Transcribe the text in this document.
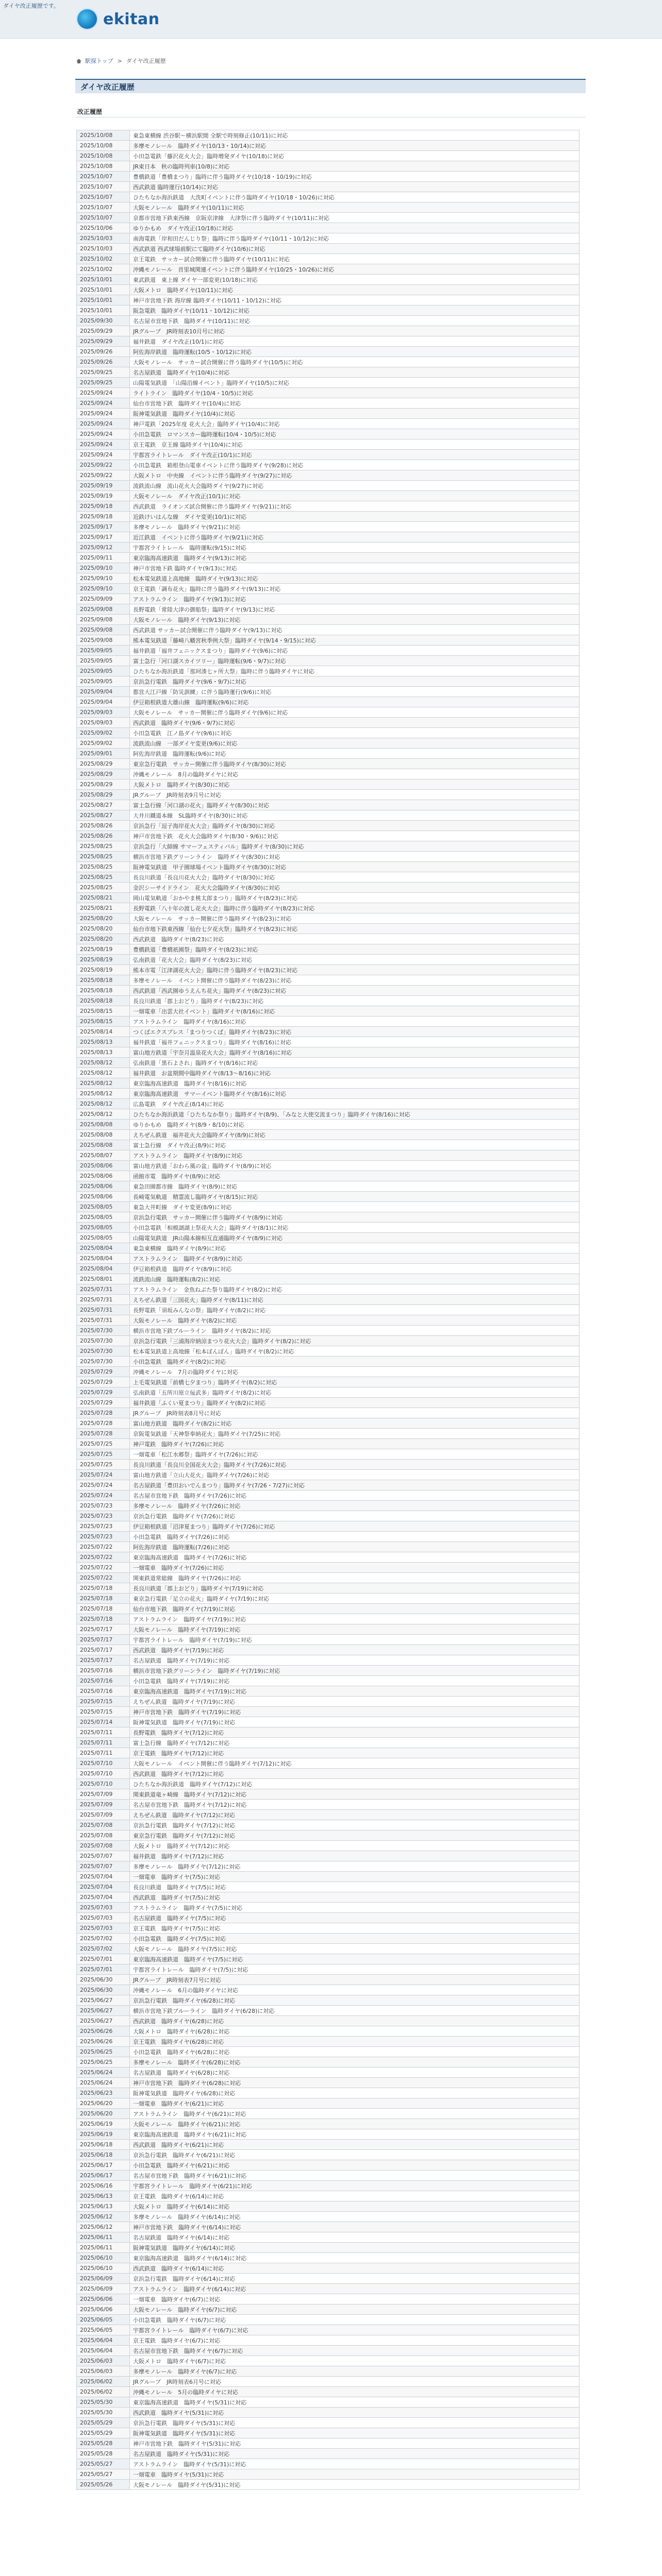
ダイヤ改正履歴です。
ekitan
駅探トップ > ダイヤ改正履歴
ダイヤ改正履歴
改正履歴
2025/10/08	東急東横線 渋谷駅〜横浜駅間 全駅で時刻修正(10/11)に対応
2025/10/08	多摩モノレール　臨時ダイヤ(10/13・10/14)に対応
2025/10/08	小田急電鉄「藤沢花火大会」臨時増発ダイヤ(10/18)に対応
2025/10/08	JR東日本　秋の臨時列車(10/8)に対応
2025/10/07	豊橋鉄道「豊橋まつり」臨時に伴う臨時ダイヤ(10/18・10/19)に対応
2025/10/07	西武鉄道 臨時運行(10/14)に対応
2025/10/07	ひたちなか海浜鉄道　大洗町イベントに伴う臨時ダイヤ(10/18・10/26)に対応
2025/10/07	大阪モノレール　臨時ダイヤ(10/11)に対応
2025/10/07	京都市営地下鉄東西線　京阪京津線　大津祭に伴う臨時ダイヤ(10/11)に対応
2025/10/06	ゆりかもめ　ダイヤ改正(10/18)に対応
2025/10/03	南海電鉄「岸和田だんじり祭」臨時に伴う臨時ダイヤ(10/11・10/12)に対応
2025/10/03	西武鉄道 西武球場前駅にて臨時ダイヤ(10/6)に対応
2025/10/02	京王電鉄　サッカー試合開催に伴う臨時ダイヤ(10/11)に対応
2025/10/02	沖縄モノレール　首里城関連イベントに伴う臨時ダイヤ(10/25・10/26)に対応
2025/10/01	東武鉄道　東上線 ダイヤ一部変更(10/18)に対応
2025/10/01	大阪メトロ　臨時ダイヤ(10/11)に対応
2025/10/01	神戸市営地下鉄 海岸線 臨時ダイヤ(10/11・10/12)に対応
2025/10/01	阪急電鉄　臨時ダイヤ(10/11・10/12)に対応
2025/09/30	名古屋市営地下鉄　臨時ダイヤ(10/11)に対応
2025/09/29	JRグループ　JR時刻表10月号に対応
2025/09/29	福井鉄道　ダイヤ改正(10/1)に対応
2025/09/26	阿佐海岸鉄道　臨時運転(10/5・10/12)に対応
2025/09/26	大阪モノレール　サッカー試合開催に伴う臨時ダイヤ(10/5)に対応
2025/09/25	名古屋鉄道　臨時ダイヤ(10/4)に対応
2025/09/25	山陽電気鉄道　「山陽沿線イベント」臨時ダイヤ(10/5)に対応
2025/09/24	ライトライン　臨時ダイヤ(10/4・10/5)に対応
2025/09/24	仙台市営地下鉄　臨時ダイヤ(10/4)に対応
2025/09/24	阪神電気鉄道　臨時ダイヤ(10/4)に対応
2025/09/24	神戸電鉄「2025年度 花火大会」臨時ダイヤ(10/4)に対応
2025/09/24	小田急電鉄　ロマンスカー臨時運転(10/4・10/5)に対応
2025/09/24	京王電鉄　京王線 臨時ダイヤ(10/4)に対応
2025/09/24	宇都宮ライトレール　ダイヤ改正(10/1)に対応
2025/09/22	小田急電鉄　箱根登山電車イベントに伴う臨時ダイヤ(9/28)に対応
2025/09/22	大阪メトロ　中央線　イベントに伴う臨時ダイヤ(9/27)に対応
2025/09/19	流鉄流山線　流山花火大会臨時ダイヤ(9/27)に対応
2025/09/19	大阪モノレール　ダイヤ改正(10/1)に対応
2025/09/18	西武鉄道　ライオンズ試合開催に伴う臨時ダイヤ(9/21)に対応
2025/09/18	近鉄けいはんな線　ダイヤ変更(10/1)に対応
2025/09/17	多摩モノレール　臨時ダイヤ(9/21)に対応
2025/09/17	近江鉄道　イベントに伴う臨時ダイヤ(9/21)に対応
2025/09/12	宇都宮ライトレール　臨時運転(9/15)に対応
2025/09/11	東京臨海高速鉄道　臨時ダイヤ(9/13)に対応
2025/09/10	神戸市営地下鉄 臨時ダイヤ(9/13)に対応
2025/09/10	松本電気鉄道上高地線　臨時ダイヤ(9/13)に対応
2025/09/10	京王電鉄「調布花火」臨時に伴う臨時ダイヤ(9/13)に対応
2025/09/09	アストラムライン　臨時ダイヤ(9/13)に対応
2025/09/08	長野電鉄「常陸大津の御船祭」臨時ダイヤ(9/13)に対応
2025/09/08	大阪モノレール　臨時ダイヤ(9/13)に対応
2025/09/08	西武鉄道 サッカー試合開催に伴う臨時ダイヤ(9/13)に対応
2025/09/08	熊本電気鉄道「藤崎八幡宮秋季例大祭」臨時ダイヤ(9/14・9/15)に対応
2025/09/05	福井鉄道「福井フェニックスまつり」臨時ダイヤ(9/6)に対応
2025/09/05	富士急行「河口湖スカイツリー」臨時運転(9/6・9/7)に対応
2025/09/05	ひたちなか海浜鉄道「那珂湊七ヶ所大祭」臨時に伴う臨時ダイヤに対応
2025/09/05	京浜急行電鉄　臨時ダイヤ(9/6・9/7)に対応
2025/09/04	都営大江戸線「防災訓練」に伴う臨時運行(9/6)に対応
2025/09/04	伊豆箱根鉄道大雄山線　臨時運転(9/6)に対応
2025/09/03	大阪モノレール　サッカー開催に伴う臨時ダイヤ(9/6)に対応
2025/09/03	西武鉄道　臨時ダイヤ(9/6・9/7)に対応
2025/09/02	小田急電鉄　江ノ島ダイヤ(9/6)に対応
2025/09/02	流鉄流山線　一部ダイヤ変更(9/6)に対応
2025/09/01	阿佐海岸鉄道　臨時運転(9/6)に対応
2025/08/29	東京急行電鉄　サッカー開催に伴う臨時ダイヤ(8/30)に対応
2025/08/29	沖縄モノレール　8月の臨時ダイヤに対応
2025/08/29	大阪メトロ　臨時ダイヤ(8/30)に対応
2025/08/29	JRグループ　JR時刻表9月号に対応
2025/08/27	富士急行線「河口湖の花火」臨時ダイヤ(8/30)に対応
2025/08/27	大井川鐵道本線　SL臨時ダイヤ(8/30)に対応
2025/08/26	京浜急行「逗子海岸花火大会」臨時ダイヤ(8/30)に対応
2025/08/26	神戸市営地下鉄　花火大会臨時ダイヤ(8/30・9/6)に対応
2025/08/25	京浜急行「大師線 サマーフェスティバル」臨時ダイヤ(8/30)に対応
2025/08/25	横浜市営地下鉄グリーンライン　臨時ダイヤ(8/30)に対応
2025/08/25	阪神電気鉄道　甲子園球場イベント臨時ダイヤ(8/30)に対応
2025/08/25	長良川鉄道「長良川花火大会」臨時ダイヤ(8/30)に対応
2025/08/25	金沢シーサイドライン　花火大会臨時ダイヤ(8/30)に対応
2025/08/21	岡山電気軌道「おかやま桃太郎まつり」臨時ダイヤ(8/23)に対応
2025/08/21	長野電鉄「八十年の渡し花火大会」臨時に伴う臨時ダイヤ(8/23)に対応
2025/08/20	大阪モノレール　サッカー開催に伴う臨時ダイヤ(8/23)に対応
2025/08/20	仙台市地下鉄東西線「仙台七夕花火祭」臨時ダイヤ(8/23)に対応
2025/08/20	西武鉄道　臨時ダイヤ(8/23)に対応
2025/08/19	豊橋鉄道「豊橋祇園祭」臨時ダイヤ(8/23)に対応
2025/08/19	弘南鉄道「花火大会」臨時ダイヤ(8/23)に対応
2025/08/19	熊本市電「江津湖花火大会」臨時に伴う臨時ダイヤ(8/23)に対応
2025/08/18	多摩モノレール　イベント開催に伴う臨時ダイヤ(8/23)に対応
2025/08/18	西武鉄道「西武園ゆうえんち花火」臨時ダイヤ(8/23)に対応
2025/08/18	長良川鉄道「郡上おどり」臨時ダイヤ(8/23)に対応
2025/08/15	一畑電車「出雲大社イベント」臨時ダイヤ(8/16)に対応
2025/08/15	アストラムライン　臨時ダイヤ(8/16)に対応
2025/08/14	つくばエクスプレス「まつりつくば」臨時ダイヤ(8/23)に対応
2025/08/13	福井鉄道「福井フェニックスまつり」臨時ダイヤ(8/16)に対応
2025/08/13	富山地方鉄道「宇奈月温泉花火大会」臨時ダイヤ(8/16)に対応
2025/08/12	弘南鉄道「黒石よされ」臨時ダイヤ(8/16)に対応
2025/08/12	福井鉄道　お盆期間中臨時ダイヤ(8/13〜8/16)に対応
2025/08/12	東京臨海高速鉄道　臨時ダイヤ(8/16)に対応
2025/08/12	東京臨海高速鉄道　サマーイベント臨時ダイヤ(8/16)に対応
2025/08/12	広島電鉄　ダイヤ改正(8/14)に対応
2025/08/12	ひたちなか海浜鉄道「ひたちなか祭り」臨時ダイヤ(8/9)、「みなと大使交流まつり」臨時ダイヤ(8/16)に対応
2025/08/08	ゆりかもめ　臨時ダイヤ(8/9・8/10)に対応
2025/08/08	えちぜん鉄道　福井花火大会臨時ダイヤ(8/9)に対応
2025/08/08	富士急行線　ダイヤ改正(8/9)に対応
2025/08/07	アストラムライン　臨時ダイヤ(8/9)に対応
2025/08/06	富山地方鉄道「おわら風の盆」臨時ダイヤ(8/9)に対応
2025/08/06	函館市電　臨時ダイヤ(8/9)に対応
2025/08/06	東急田園都市線　臨時ダイヤ(8/9)に対応
2025/08/06	長崎電気軌道　精霊流し臨時ダイヤ(8/15)に対応
2025/08/05	東急大井町線　ダイヤ変更(8/9)に対応
2025/08/05	京浜急行電鉄　サッカー開催に伴う臨時ダイヤ(8/9)に対応
2025/08/05	小田急電鉄「相模湖湖上祭花火大会」臨時ダイヤ(8/1)に対応
2025/08/05	山陽電気鉄道　JR山陽本線相互直通臨時ダイヤ(8/9)に対応
2025/08/04	東急東横線　臨時ダイヤ(8/9)に対応
2025/08/04	アストラムライン　臨時ダイヤ(8/9)に対応
2025/08/04	伊豆箱根鉄道　臨時ダイヤ(8/9)に対応
2025/08/01	流鉄流山線　臨時運転(8/2)に対応
2025/07/31	アストラムライン　金魚ねぶた祭り臨時ダイヤ(8/2)に対応
2025/07/31	えちぜん鉄道「三国花火」臨時ダイヤ(8/11)に対応
2025/07/31	長野電鉄「須坂みんなの祭」臨時ダイヤ(8/2)に対応
2025/07/31	大阪モノレール　臨時ダイヤ(8/2)に対応
2025/07/30	横浜市営地下鉄ブルーライン　臨時ダイヤ(8/2)に対応
2025/07/30	京浜急行電鉄「三浦海岸納涼まつり花火大会」臨時ダイヤ(8/2)に対応
2025/07/30	松本電気鉄道上高地線「松本ぼんぼん」臨時ダイヤ(8/2)に対応
2025/07/30	小田急電鉄　臨時ダイヤ(8/2)に対応
2025/07/29	沖縄モノレール　7月の臨時ダイヤに対応
2025/07/29	上毛電気鉄道「前橋七夕まつり」臨時ダイヤ(8/2)に対応
2025/07/29	弘南鉄道「五所川原立佞武多」臨時ダイヤ(8/2)に対応
2025/07/29	福井鉄道「ふくい夏まつり」臨時ダイヤ(8/2)に対応
2025/07/28	JRグループ　JR時刻表8月号に対応
2025/07/28	富山地方鉄道　臨時ダイヤ(8/2)に対応
2025/07/28	京阪電気鉄道「天神祭奉納花火」臨時ダイヤ(7/25)に対応
2025/07/25	神戸電鉄　臨時ダイヤ(7/26)に対応
2025/07/25	一畑電車「松江水郷祭」臨時ダイヤ(7/26)に対応
2025/07/25	長良川鉄道「長良川全国花火大会」臨時ダイヤ(7/26)に対応
2025/07/24	富山地方鉄道「立山大花火」臨時ダイヤ(7/26)に対応
2025/07/24	名古屋鉄道「豊田おいでんまつり」臨時ダイヤ(7/26・7/27)に対応
2025/07/24	名古屋市営地下鉄　臨時ダイヤ(7/26)に対応
2025/07/23	多摩モノレール　臨時ダイヤ(7/26)に対応
2025/07/23	京浜急行電鉄　臨時ダイヤ(7/26)に対応
2025/07/23	伊豆箱根鉄道「沼津夏まつり」臨時ダイヤ(7/26)に対応
2025/07/23	小田急電鉄　臨時ダイヤ(7/26)に対応
2025/07/22	阿佐海岸鉄道　臨時運転(7/26)に対応
2025/07/22	東京臨海高速鉄道　臨時ダイヤ(7/26)に対応
2025/07/22	一畑電車　臨時ダイヤ(7/26)に対応
2025/07/22	関東鉄道常総線　臨時ダイヤ(7/26)に対応
2025/07/18	長良川鉄道「郡上おどり」臨時ダイヤ(7/19)に対応
2025/07/18	東京急行電鉄「足立の花火」臨時ダイヤ(7/19)に対応
2025/07/18	仙台市地下鉄　臨時ダイヤ(7/19)に対応
2025/07/18	アストラムライン　臨時ダイヤ(7/19)に対応
2025/07/17	大阪モノレール　臨時ダイヤ(7/19)に対応
2025/07/17	宇都宮ライトレール　臨時ダイヤ(7/19)に対応
2025/07/17	西武鉄道　臨時ダイヤ(7/19)に対応
2025/07/17	名古屋鉄道　臨時ダイヤ(7/19)に対応
2025/07/16	横浜市営地下鉄グリーンライン　臨時ダイヤ(7/19)に対応
2025/07/16	小田急電鉄　臨時ダイヤ(7/19)に対応
2025/07/16	東京臨海高速鉄道　臨時ダイヤ(7/19)に対応
2025/07/15	えちぜん鉄道　臨時ダイヤ(7/19)に対応
2025/07/15	神戸市営地下鉄　臨時ダイヤ(7/19)に対応
2025/07/14	阪神電気鉄道　臨時ダイヤ(7/19)に対応
2025/07/11	長野電鉄　臨時ダイヤ(7/12)に対応
2025/07/11	富士急行線　臨時ダイヤ(7/12)に対応
2025/07/11	京王電鉄　臨時ダイヤ(7/12)に対応
2025/07/10	大阪モノレール　イベント開催に伴う臨時ダイヤ(7/12)に対応
2025/07/10	西武鉄道　臨時ダイヤ(7/12)に対応
2025/07/10	ひたちなか海浜鉄道　臨時ダイヤ(7/12)に対応
2025/07/09	関東鉄道竜ヶ崎線　臨時ダイヤ(7/12)に対応
2025/07/09	名古屋市営地下鉄　臨時ダイヤ(7/12)に対応
2025/07/09	えちぜん鉄道　臨時ダイヤ(7/12)に対応
2025/07/08	京浜急行電鉄　臨時ダイヤ(7/12)に対応
2025/07/08	東京急行電鉄　臨時ダイヤ(7/12)に対応
2025/07/08	大阪メトロ　臨時ダイヤ(7/12)に対応
2025/07/07	福井鉄道　臨時ダイヤ(7/12)に対応
2025/07/07	多摩モノレール　臨時ダイヤ(7/12)に対応
2025/07/04	一畑電車　臨時ダイヤ(7/5)に対応
2025/07/04	長良川鉄道　臨時ダイヤ(7/5)に対応
2025/07/04	西武鉄道　臨時ダイヤ(7/5)に対応
2025/07/03	アストラムライン　臨時ダイヤ(7/5)に対応
2025/07/03	名古屋鉄道　臨時ダイヤ(7/5)に対応
2025/07/03	京王電鉄　臨時ダイヤ(7/5)に対応
2025/07/02	小田急電鉄　臨時ダイヤ(7/5)に対応
2025/07/02	大阪モノレール　臨時ダイヤ(7/5)に対応
2025/07/01	東京臨海高速鉄道　臨時ダイヤ(7/5)に対応
2025/07/01	宇都宮ライトレール　臨時ダイヤ(7/5)に対応
2025/06/30	JRグループ　JR時刻表7月号に対応
2025/06/30	沖縄モノレール　6月の臨時ダイヤに対応
2025/06/27	京浜急行電鉄　臨時ダイヤ(6/28)に対応
2025/06/27	横浜市営地下鉄ブルーライン　臨時ダイヤ(6/28)に対応
2025/06/27	西武鉄道　臨時ダイヤ(6/28)に対応
2025/06/26	大阪メトロ　臨時ダイヤ(6/28)に対応
2025/06/26	京王電鉄　臨時ダイヤ(6/28)に対応
2025/06/25	小田急電鉄　臨時ダイヤ(6/28)に対応
2025/06/25	多摩モノレール　臨時ダイヤ(6/28)に対応
2025/06/24	名古屋鉄道　臨時ダイヤ(6/28)に対応
2025/06/24	神戸市営地下鉄　臨時ダイヤ(6/28)に対応
2025/06/23	阪神電気鉄道　臨時ダイヤ(6/28)に対応
2025/06/20	一畑電車　臨時ダイヤ(6/21)に対応
2025/06/20	アストラムライン　臨時ダイヤ(6/21)に対応
2025/06/19	大阪モノレール　臨時ダイヤ(6/21)に対応
2025/06/19	東京臨海高速鉄道　臨時ダイヤ(6/21)に対応
2025/06/18	西武鉄道　臨時ダイヤ(6/21)に対応
2025/06/18	京浜急行電鉄　臨時ダイヤ(6/21)に対応
2025/06/17	小田急電鉄　臨時ダイヤ(6/21)に対応
2025/06/17	名古屋市営地下鉄　臨時ダイヤ(6/21)に対応
2025/06/16	宇都宮ライトレール　臨時ダイヤ(6/21)に対応
2025/06/13	京王電鉄　臨時ダイヤ(6/14)に対応
2025/06/13	大阪メトロ　臨時ダイヤ(6/14)に対応
2025/06/12	多摩モノレール　臨時ダイヤ(6/14)に対応
2025/06/12	神戸市営地下鉄　臨時ダイヤ(6/14)に対応
2025/06/11	名古屋鉄道　臨時ダイヤ(6/14)に対応
2025/06/11	阪神電気鉄道　臨時ダイヤ(6/14)に対応
2025/06/10	東京臨海高速鉄道　臨時ダイヤ(6/14)に対応
2025/06/10	西武鉄道　臨時ダイヤ(6/14)に対応
2025/06/09	京浜急行電鉄　臨時ダイヤ(6/14)に対応
2025/06/09	アストラムライン　臨時ダイヤ(6/14)に対応
2025/06/06	一畑電車　臨時ダイヤ(6/7)に対応
2025/06/06	大阪モノレール　臨時ダイヤ(6/7)に対応
2025/06/05	小田急電鉄　臨時ダイヤ(6/7)に対応
2025/06/05	宇都宮ライトレール　臨時ダイヤ(6/7)に対応
2025/06/04	京王電鉄　臨時ダイヤ(6/7)に対応
2025/06/04	名古屋市営地下鉄　臨時ダイヤ(6/7)に対応
2025/06/03	大阪メトロ　臨時ダイヤ(6/7)に対応
2025/06/03	多摩モノレール　臨時ダイヤ(6/7)に対応
2025/06/02	JRグループ　JR時刻表6月号に対応
2025/06/02	沖縄モノレール　5月の臨時ダイヤに対応
2025/05/30	東京臨海高速鉄道　臨時ダイヤ(5/31)に対応
2025/05/30	西武鉄道　臨時ダイヤ(5/31)に対応
2025/05/29	京浜急行電鉄　臨時ダイヤ(5/31)に対応
2025/05/29	阪神電気鉄道　臨時ダイヤ(5/31)に対応
2025/05/28	神戸市営地下鉄　臨時ダイヤ(5/31)に対応
2025/05/28	名古屋鉄道　臨時ダイヤ(5/31)に対応
2025/05/27	アストラムライン　臨時ダイヤ(5/31)に対応
2025/05/27	一畑電車　臨時ダイヤ(5/31)に対応
2025/05/26	大阪モノレール　臨時ダイヤ(5/31)に対応
